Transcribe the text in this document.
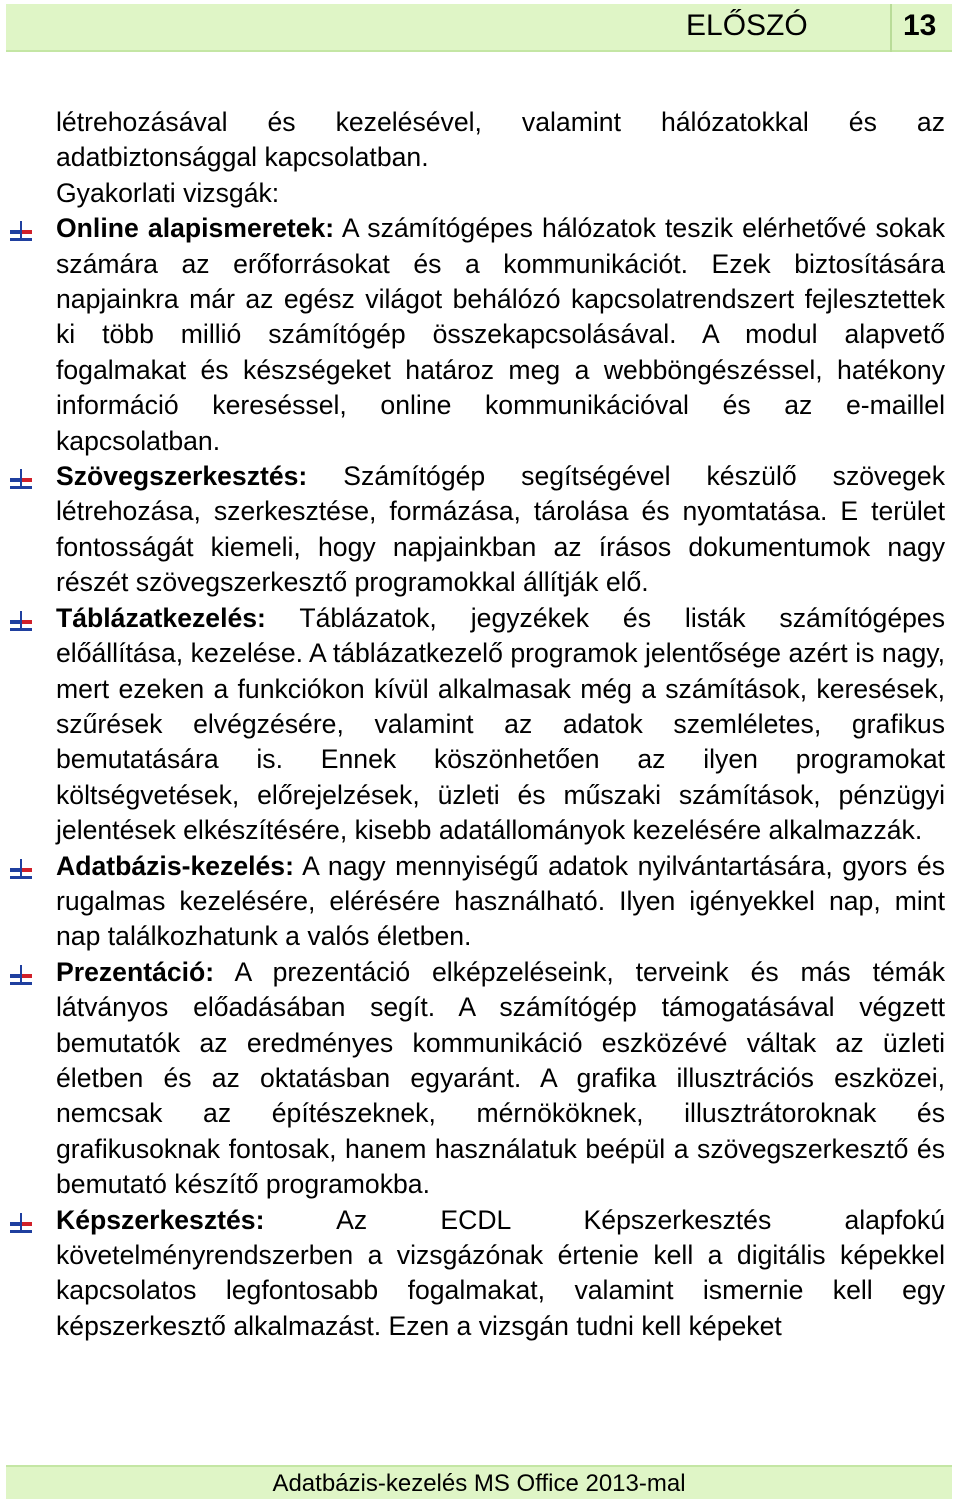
ELŐSZÓ	13

létrehozásával és kezelésével, valamint hálózatokkal és az adatbiztonsággal kapcsolatban.

Gyakorlati vizsgák:

Online alapismeretek: A számítógépes hálózatok teszik elérhetővé sokak számára az erőforrásokat és a kommunikációt. Ezek biztosítására napjainkra már az egész világot behálózó kapcsolatrendszert fejlesztettek ki több millió számítógép összekapcsolásával. A modul alapvető fogalmakat és készségeket határoz meg a webböngészéssel, hatékony információ kereséssel, online kommunikációval és az e-maillel kapcsolatban.

Szövegszerkesztés: Számítógép segítségével készülő szövegek létrehozása, szerkesztése, formázása, tárolása és nyomtatása. E terület fontosságát kiemeli, hogy napjainkban az írásos dokumentumok nagy részét szövegszerkesztő programokkal állítják elő.

Táblázatkezelés: Táblázatok, jegyzékek és listák számítógépes előállítása, kezelése. A táblázatkezelő programok jelentősége azért is nagy, mert ezeken a funkciókon kívül alkalmasak még a számítások, keresések, szűrések elvégzésére, valamint az adatok szemléletes, grafikus bemutatására is. Ennek köszönhetően az ilyen programokat költségvetések, előrejelzések, üzleti és műszaki számítások, pénzügyi jelentések elkészítésére, kisebb adatállományok kezelésére alkalmazzák.

Adatbázis-kezelés: A nagy mennyiségű adatok nyilvántartására, gyors és rugalmas kezelésére, elérésére használható. Ilyen igényekkel nap, mint nap találkozhatunk a valós életben.

Prezentáció: A prezentáció elképzeléseink, terveink és más témák látványos előadásában segít. A számítógép támogatásával végzett bemutatók az eredményes kommunikáció eszközévé váltak az üzleti életben és az oktatásban egyaránt. A grafika illusztrációs eszközei, nemcsak az építészeknek, mérnököknek, illusztrátoroknak és grafikusoknak fontosak, hanem használatuk beépül a szövegszerkesztő és bemutató készítő programokba.

Képszerkesztés: Az ECDL Képszerkesztés alapfokú követelményrendszerben a vizsgázónak értenie kell a digitális képekkel kapcsolatos legfontosabb fogalmakat, valamint ismernie kell egy képszerkesztő alkalmazást. Ezen a vizsgán tudni kell képeket

Adatbázis-kezelés MS Office 2013-mal
